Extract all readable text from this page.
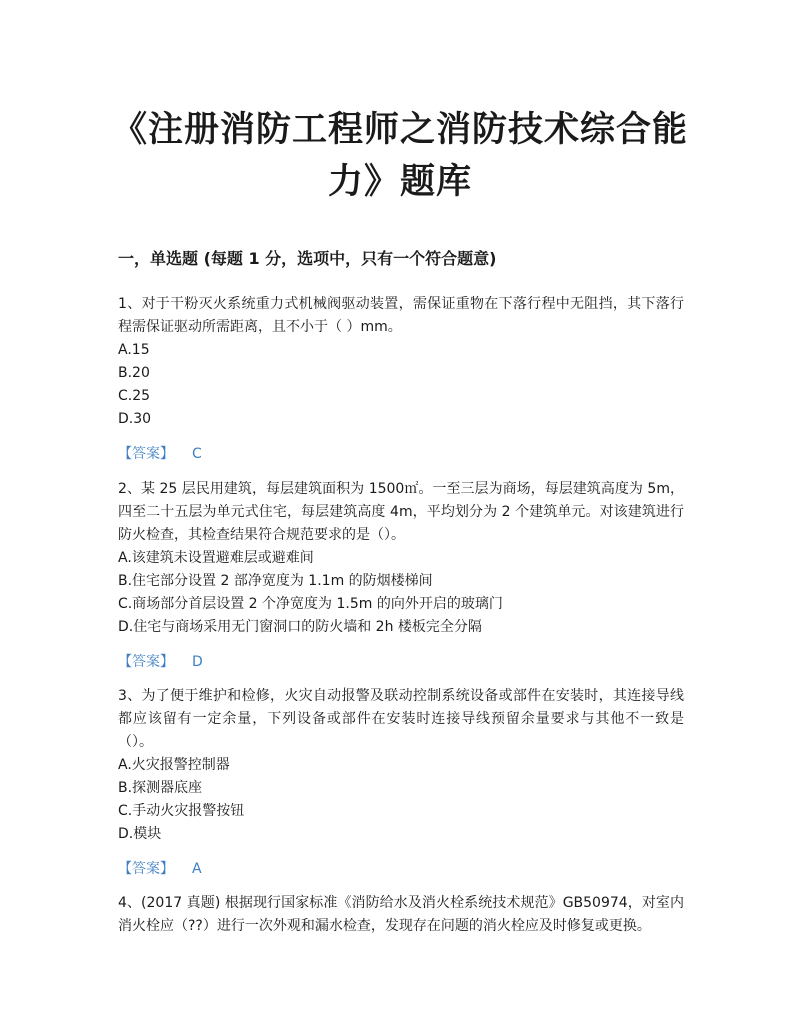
《注册消防工程师之消防技术综合能力》题库
一，单选题 (每题 1 分，选项中，只有一个符合题意)

1、对于干粉灭火系统重力式机械阀驱动装置，需保证重物在下落行程中无阻挡，其下落行程需保证驱动所需距离，且不小于（ ）mm。

A.15

B.20

C.25

D.30

【答案】 C

2、某 25 层民用建筑，每层建筑面积为 1500㎡。一至三层为商场，每层建筑高度为 5m，四至二十五层为单元式住宅，每层建筑高度 4m，平均划分为 2 个建筑单元。对该建筑进行防火检查，其检查结果符合规范要求的是（）。

A.该建筑未设置避难层或避难间

B.住宅部分设置 2 部净宽度为 1.1m 的防烟楼梯间

C.商场部分首层设置 2 个净宽度为 1.5m 的向外开启的玻璃门

D.住宅与商场采用无门窗洞口的防火墙和 2h 楼板完全分隔

【答案】 D

3、为了便于维护和检修，火灾自动报警及联动控制系统设备或部件在安装时，其连接导线都应该留有一定余量，下列设备或部件在安装时连接导线预留余量要求与其他不一致是（）。

A.火灾报警控制器

B.探测器底座

C.手动火灾报警按钮

D.模块

【答案】 A

4、(2017 真题) 根据现行国家标准《消防给水及消火栓系统技术规范》GB50974，对室内消火栓应（??）进行一次外观和漏水检查，发现存在问题的消火栓应及时修复或更换。
